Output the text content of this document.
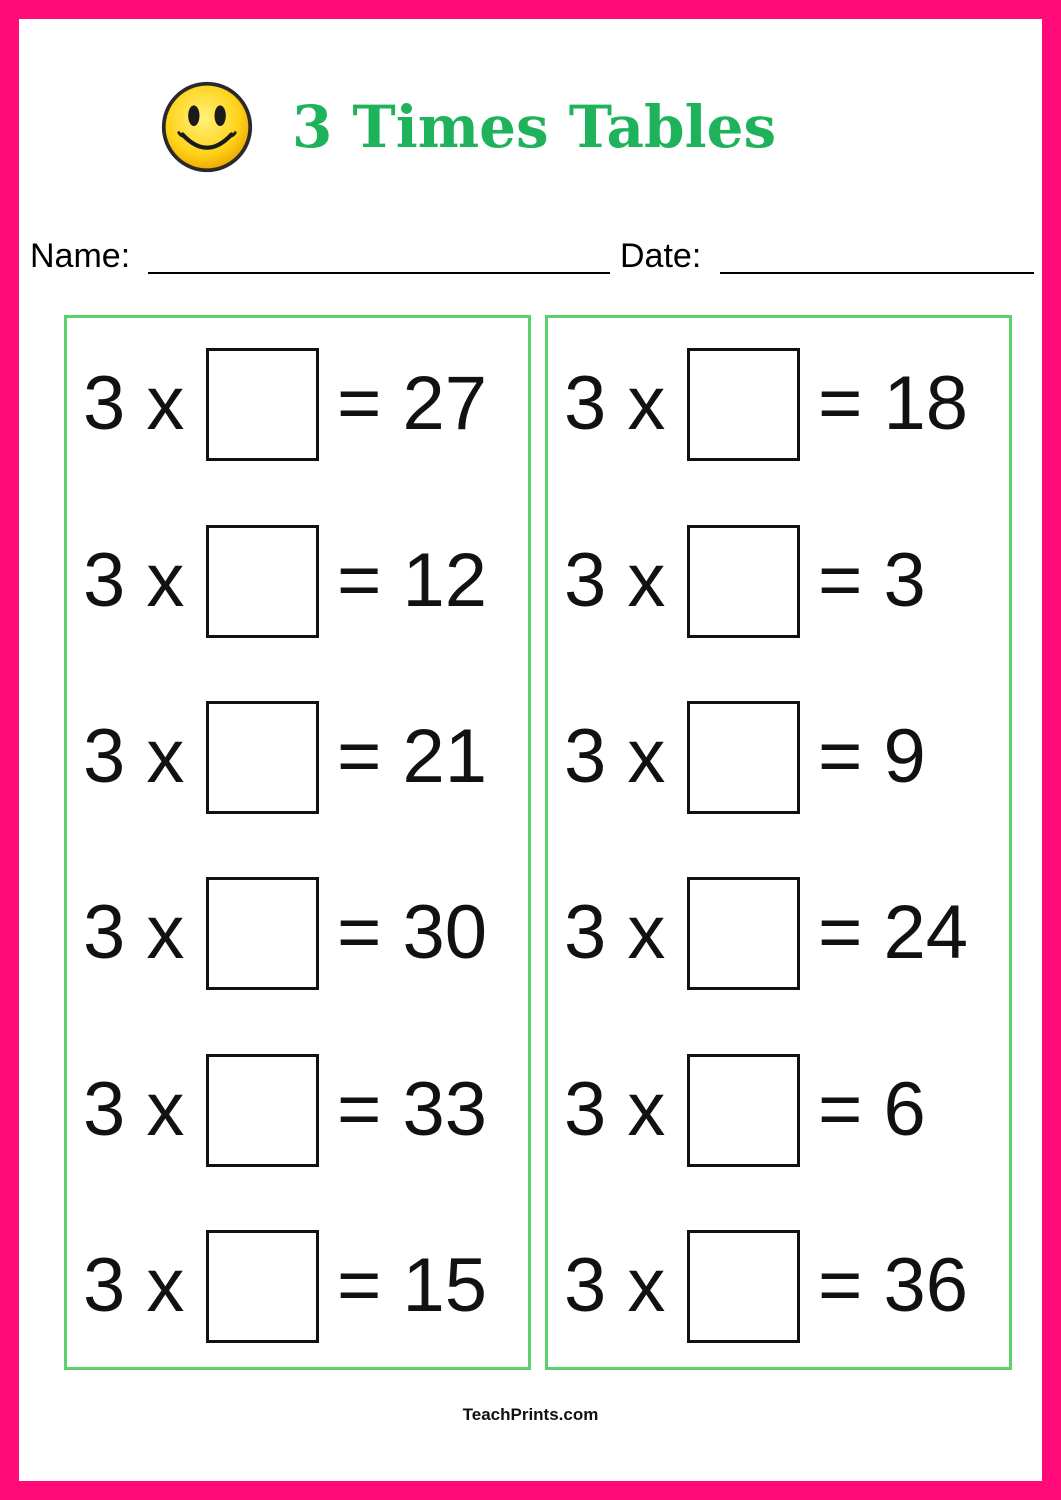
3 Times Tables
Name:	Date:
3 x = 27
3 x = 12
3 x = 21
3 x = 30
3 x = 33
3 x = 15
3 x = 18
3 x = 3
3 x = 9
3 x = 24
3 x = 6
3 x = 36
TeachPrints.com
